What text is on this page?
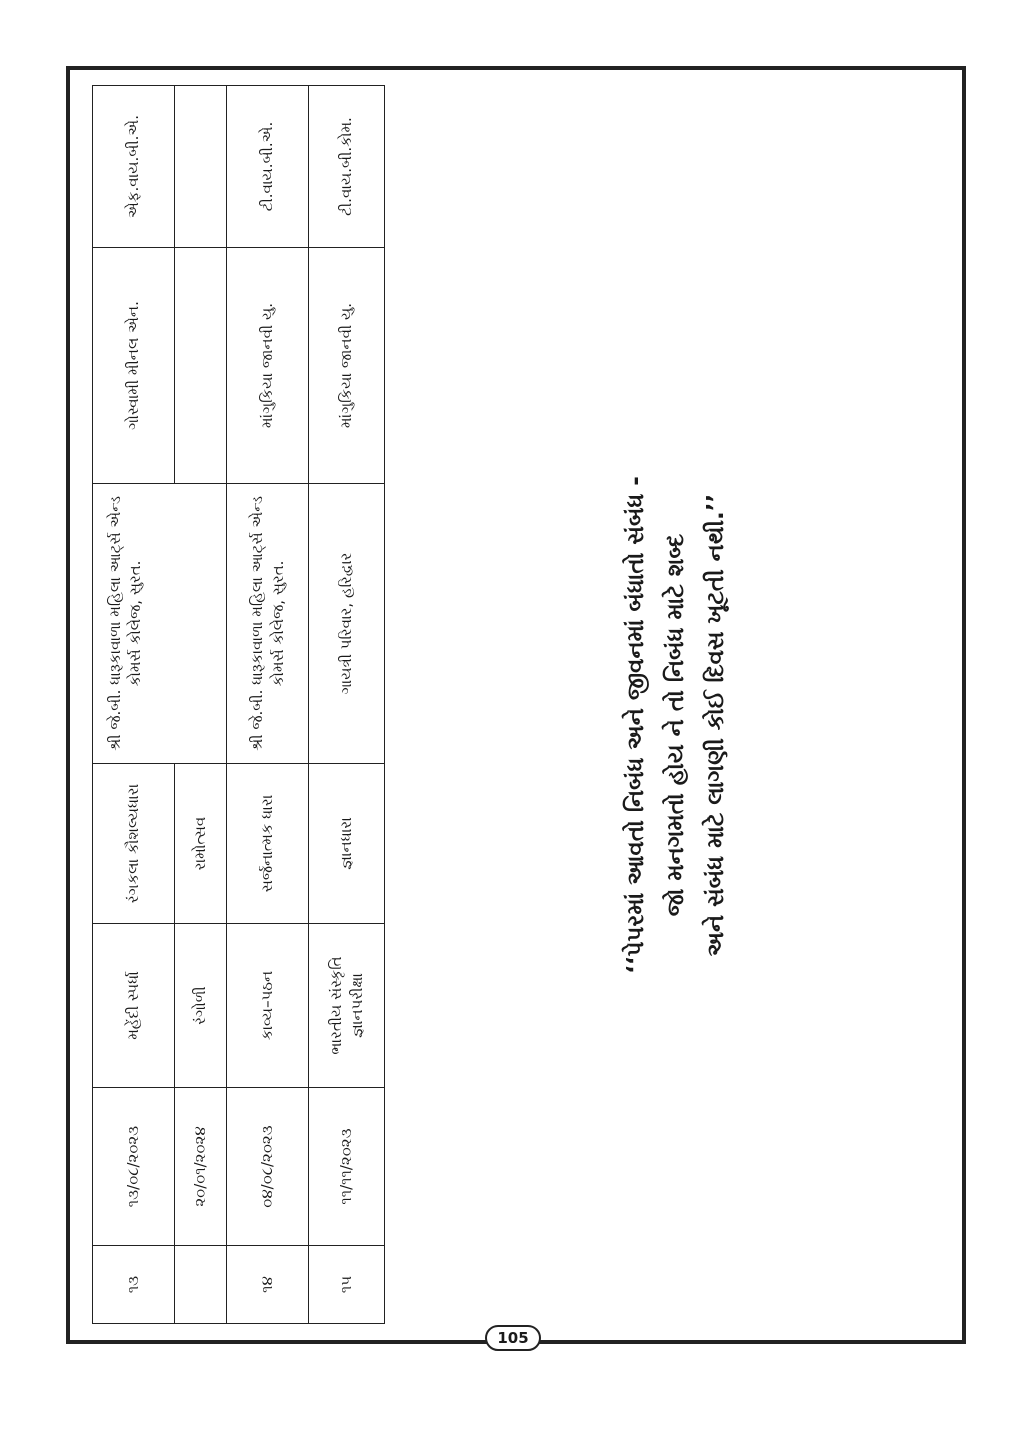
૧૩	૧૩/૦૮/૨૦૨૩	મહેંદી સ્પર્ધા	રંગકલા કૌશલ્યધારા	શ્રી જે.બી. ધારૂકાવાળા મહિલા આર્ટ્સ એન્ડ કોમર્સ કોલેજ, સુરત.	ગોસ્વામી મીનલ એન.	એફ.વાય.બી.એ.
	૨૦/૦૧/૨૦૨૪	રંગોળી	રામોત્સવ			
૧૪	૦૪/૦૮/૨૦૨૩	કાવ્ય–પઠન	સર્જનાત્મક ધારા	શ્રી જે.બી. ધારૂકાવાળા મહિલા આર્ટ્સ એન્ડ કોમર્સ કોલેજ, સુરત.	માંગુકિયા જાનવી યુ.	ટી.વાય.બી.એ.
૧૫	૧૧/૧૧/૨૦૨૩	ભારતીય સંસ્કૃતિ જ્ઞાનપરીક્ષા	જ્ઞાનધારા	ગાયત્રી પરિવાર, હરિદ્વાર	માંગુકિયા જાનવી યુ.	ટી.વાય.બી.કોમ.
‘‘પેપરમાં આવતો નિબંધ અને જીવનમાં બંધાતો સંબંધ - જો મનગમતો હોય ને તો નિબંધ માટે શબ્દ અને સંબંધ માટે લાગણી કોઈ દિવસ ખૂટતી નથી.’’
105
